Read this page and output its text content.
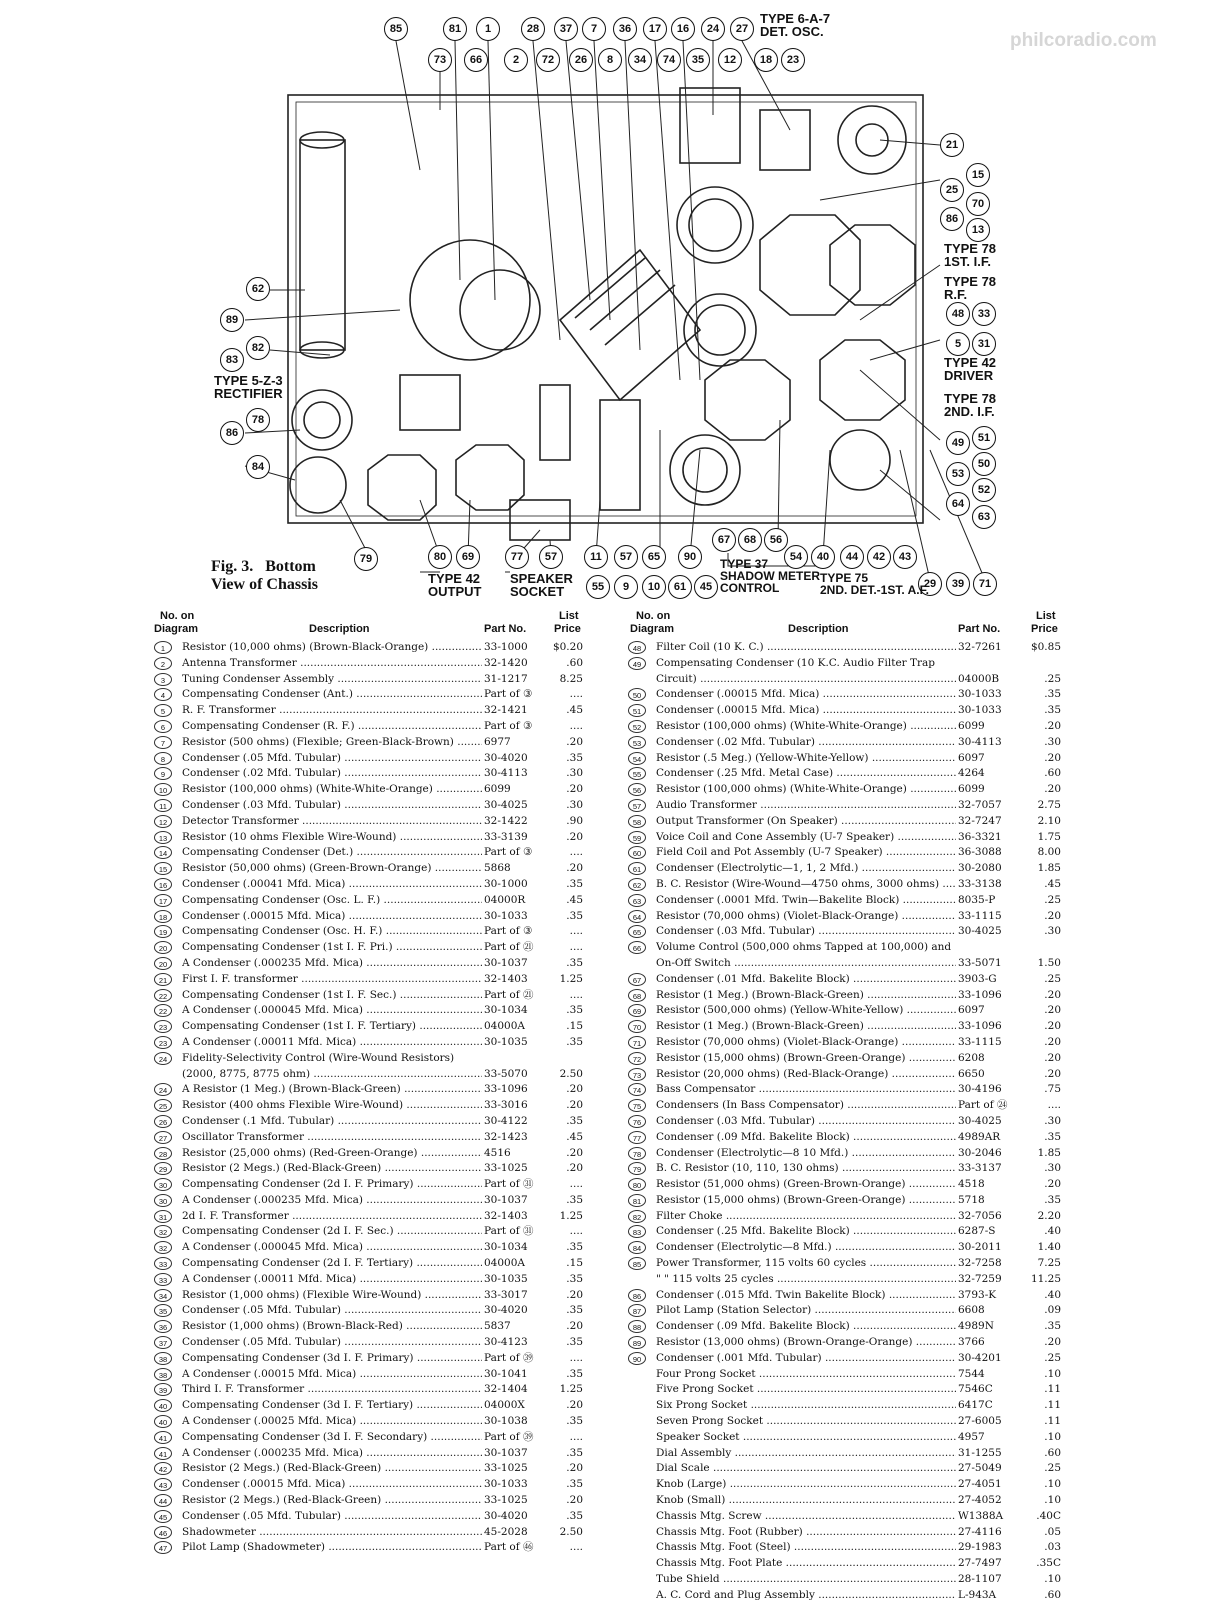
philcoradio.com
85	81	1	28	37	7	36	17	16	24	27
73	66	2	72	26	8	34	74	35	12	18	23
21
15
25
70
86
13
48	33
5	31
49	51
50
53
52
64
63
62
89
82
83
78
86
84
79	80	69	77	57	11	57	65	90
67	68	56
54	40	44	42	43
29	39	71
55	9	10	61	45
TYPE 6-A-7
DET. OSC.
TYPE 78
1ST. I.F.
TYPE 78
R.F.
TYPE 42
DRIVER
TYPE 78
2ND. I.F.
TYPE 5-Z-3
RECTIFIER
TYPE 42
OUTPUT
SPEAKER
SOCKET
TYPE 37
SHADOW METER
CONTROL
TYPE 75
2ND. DET.-1ST. A.F.
Fig. 3.   Bottom
View of Chassis
No. on
Diagram	Description	Part No.
List
Price
1	Resistor (10,000 ohms) (Brown-Black-Orange) .....	33-1000	$0.20
2	Antenna Transformer .....	32-1420	.60
3	Tuning Condenser Assembly .....	31-1217	8.25
4	Compensating Condenser (Ant.) .....	Part of ③	....
5	R. F. Transformer .....	32-1421	.45
6	Compensating Condenser (R. F.) .....	Part of ③	....
7	Resistor (500 ohms) (Flexible; Green-Black-Brown) .....	6977	.20
8	Condenser (.05 Mfd. Tubular) .....	30-4020	.35
9	Condenser (.02 Mfd. Tubular) .....	30-4113	.30
10	Resistor (100,000 ohms) (White-White-Orange) .....	6099	.20
11	Condenser (.03 Mfd. Tubular) .....	30-4025	.30
12	Detector Transformer .....	32-1422	.90
13	Resistor (10 ohms Flexible Wire-Wound) .....	33-3139	.20
14	Compensating Condenser (Det.) .....	Part of ③	....
15	Resistor (50,000 ohms) (Green-Brown-Orange) .....	5868	.20
16	Condenser (.00041 Mfd. Mica) .....	30-1000	.35
17	Compensating Condenser (Osc. L. F.) .....	04000R	.45
18	Condenser (.00015 Mfd. Mica) .....	30-1033	.35
19	Compensating Condenser (Osc. H. F.) .....	Part of ③	....
20	Compensating Condenser (1st I. F. Pri.) .....	Part of ㉑	....
20	A Condenser (.000235 Mfd. Mica) .....	30-1037	.35
21	First I. F. transformer .....	32-1403	1.25
22	Compensating Condenser (1st I. F. Sec.) .....	Part of ㉑	....
22	A Condenser (.000045 Mfd. Mica) .....	30-1034	.35
23	Compensating Condenser (1st I. F. Tertiary) .....	04000A	.15
23	A Condenser (.00011 Mfd. Mica) .....	30-1035	.35
24	Fidelity-Selectivity Control (Wire-Wound Resistors)
(2000, 8775, 8775 ohm) .....	33-5070	2.50
24	A Resistor (1 Meg.) (Brown-Black-Green) .....	33-1096	.20
25	Resistor (400 ohms Flexible Wire-Wound) .....	33-3016	.20
26	Condenser (.1 Mfd. Tubular) .....	30-4122	.35
27	Oscillator Transformer .....	32-1423	.45
28	Resistor (25,000 ohms) (Red-Green-Orange) .....	4516	.20
29	Resistor (2 Megs.) (Red-Black-Green) .....	33-1025	.20
30	Compensating Condenser (2d I. F. Primary) .....	Part of ㉛	....
30	A Condenser (.000235 Mfd. Mica) .....	30-1037	.35
31	2d I. F. Transformer .....	32-1403	1.25
32	Compensating Condenser (2d I. F. Sec.) .....	Part of ㉛	....
32	A Condenser (.000045 Mfd. Mica) .....	30-1034	.35
33	Compensating Condenser (2d I. F. Tertiary) .....	04000A	.15
33	A Condenser (.00011 Mfd. Mica) .....	30-1035	.35
34	Resistor (1,000 ohms) (Flexible Wire-Wound) .....	33-3017	.20
35	Condenser (.05 Mfd. Tubular) .....	30-4020	.35
36	Resistor (1,000 ohms) (Brown-Black-Red) .....	5837	.20
37	Condenser (.05 Mfd. Tubular) .....	30-4123	.35
38	Compensating Condenser (3d I. F. Primary) .....	Part of ㊴	....
38	A Condenser (.00015 Mfd. Mica) .....	30-1041	.35
39	Third I. F. Transformer .....	32-1404	1.25
40	Compensating Condenser (3d I. F. Tertiary) .....	04000X	.20
40	A Condenser (.00025 Mfd. Mica) .....	30-1038	.35
41	Compensating Condenser (3d I. F. Secondary) .....	Part of ㊴	....
41	A Condenser (.000235 Mfd. Mica) .....	30-1037	.35
42	Resistor (2 Megs.) (Red-Black-Green) .....	33-1025	.20
43	Condenser (.00015 Mfd. Mica) .....	30-1033	.35
44	Resistor (2 Megs.) (Red-Black-Green) .....	33-1025	.20
45	Condenser (.05 Mfd. Tubular) .....	30-4020	.35
46	Shadowmeter .....	45-2028	2.50
47	Pilot Lamp (Shadowmeter) .....	Part of ㊻	....
No. on
Diagram	Description	Part No.
List
Price
48	Filter Coil (10 K. C.) .....	32-7261	$0.85
49	Compensating Condenser (10 K.C. Audio Filter Trap
Circuit) .....	04000B	.25
50	Condenser (.00015 Mfd. Mica) .....	30-1033	.35
51	Condenser (.00015 Mfd. Mica) .....	30-1033	.35
52	Resistor (100,000 ohms) (White-White-Orange) .....	6099	.20
53	Condenser (.02 Mfd. Tubular) .....	30-4113	.30
54	Resistor (.5 Meg.) (Yellow-White-Yellow) .....	6097	.20
55	Condenser (.25 Mfd. Metal Case) .....	4264	.60
56	Resistor (100,000 ohms) (White-White-Orange) .....	6099	.20
57	Audio Transformer .....	32-7057	2.75
58	Output Transformer (On Speaker) .....	32-7247	2.10
59	Voice Coil and Cone Assembly (U-7 Speaker) .....	36-3321	1.75
60	Field Coil and Pot Assembly (U-7 Speaker) .....	36-3088	8.00
61	Condenser (Electrolytic—1, 1, 2 Mfd.) .....	30-2080	1.85
62	B. C. Resistor (Wire-Wound—4750 ohms, 3000 ohms) .....	33-3138	.45
63	Condenser (.0001 Mfd. Twin—Bakelite Block) .....	8035-P	.25
64	Resistor (70,000 ohms) (Violet-Black-Orange) .....	33-1115	.20
65	Condenser (.03 Mfd. Tubular) .....	30-4025	.30
66	Volume Control (500,000 ohms Tapped at 100,000) and
On-Off Switch .....	33-5071	1.50
67	Condenser (.01 Mfd. Bakelite Block) .....	3903-G	.25
68	Resistor (1 Meg.) (Brown-Black-Green) .....	33-1096	.20
69	Resistor (500,000 ohms) (Yellow-White-Yellow) .....	6097	.20
70	Resistor (1 Meg.) (Brown-Black-Green) .....	33-1096	.20
71	Resistor (70,000 ohms) (Violet-Black-Orange) .....	33-1115	.20
72	Resistor (15,000 ohms) (Brown-Green-Orange) .....	6208	.20
73	Resistor (20,000 ohms) (Red-Black-Orange) .....	6650	.20
74	Bass Compensator .....	30-4196	.75
75	Condensers (In Bass Compensator) .....	Part of ㉔	....
76	Condenser (.03 Mfd. Tubular) .....	30-4025	.30
77	Condenser (.09 Mfd. Bakelite Block) .....	4989AR	.35
78	Condenser (Electrolytic—8 10 Mfd.) .....	30-2046	1.85
79	B. C. Resistor (10, 110, 130 ohms) .....	33-3137	.30
80	Resistor (51,000 ohms) (Green-Brown-Orange) .....	4518	.20
81	Resistor (15,000 ohms) (Brown-Green-Orange) .....	5718	.35
82	Filter Choke .....	32-7056	2.20
83	Condenser (.25 Mfd. Bakelite Block) .....	6287-S	.40
84	Condenser (Electrolytic—8 Mfd.) .....	30-2011	1.40
85	Power Transformer, 115 volts 60 cycles .....	32-7258	7.25
" " 115 volts 25 cycles .....	32-7259	11.25
86	Condenser (.015 Mfd. Twin Bakelite Block) .....	3793-K	.40
87	Pilot Lamp (Station Selector) .....	6608	.09
88	Condenser (.09 Mfd. Bakelite Block) .....	4989N	.35
89	Resistor (13,000 ohms) (Brown-Orange-Orange) .....	3766	.20
90	Condenser (.001 Mfd. Tubular) .....	30-4201	.25
Four Prong Socket .....	7544	.10
Five Prong Socket .....	7546C	.11
Six Prong Socket .....	6417C	.11
Seven Prong Socket .....	27-6005	.11
Speaker Socket .....	4957	.10
Dial Assembly .....	31-1255	.60
Dial Scale .....	27-5049	.25
Knob (Large) .....	27-4051	.10
Knob (Small) .....	27-4052	.10
Chassis Mtg. Screw .....	W1388A	.40C
Chassis Mtg. Foot (Rubber) .....	27-4116	.05
Chassis Mtg. Foot (Steel) .....	29-1983	.03
Chassis Mtg. Foot Plate .....	27-7497	.35C
Tube Shield .....	28-1107	.10
A. C. Cord and Plug Assembly .....	L-943A	.60
